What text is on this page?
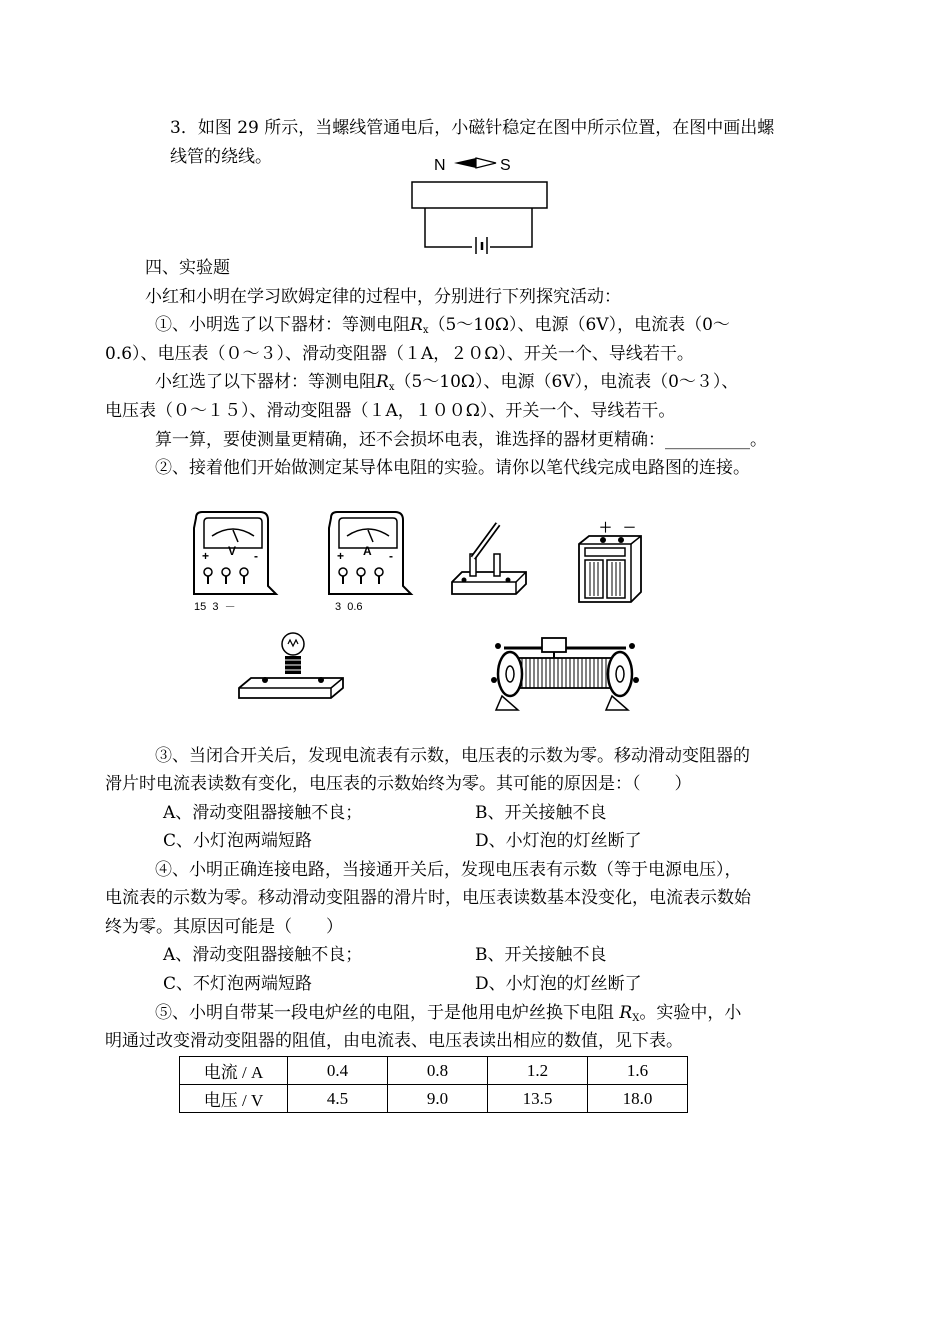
3．如图 29 所示，当螺线管通电后，小磁针稳定在图中所示位置，在图中画出螺
线管的绕线。	N	S
四、实验题
小红和小明在学习欧姆定律的过程中，分别进行下列探究活动：
①、小明选了以下器材：等测电阻$R_x(5\sim 10\Omega)$、电源（6V），电流表（0～
0.6）、电压表（０～３）、滑动变阻器（１A，２０Ω）、开关一个、导线若干。
小红选了以下器材：等测电阻$R_x(5\sim 10\Omega)$、电源（6V），电流表（0～３）、
电压表（０～１５）、滑动变阻器（１A，１００Ω）、开关一个、导线若干。
算一算，要使测量更精确，还不会损坏电表，谁选择的器材更精确：__________。
②、接着他们开始做测定某导体电阻的实验。请你以笔代线完成电路图的连接。
V
+	-
15  3  －
A
+	-
3  0.6
＋ －
③、当闭合开关后，发现电流表有示数，电压表的示数为零。移动滑动变阻器的
滑片时电流表读数有变化，电压表的示数始终为零。其可能的原因是：（　　）
A、滑动变阻器接触不良；	B、开关接触不良
C、小灯泡两端短路	D、小灯泡的灯丝断了
④、小明正确连接电路，当接通开关后，发现电压表有示数（等于电源电压），
电流表的示数为零。移动滑动变阻器的滑片时，电压表读数基本没变化，电流表示数始
终为零。其原因可能是（　　）
A、滑动变阻器接触不良；	B、开关接触不良
C、不灯泡两端短路	D、小灯泡的灯丝断了
⑤、小明自带某一段电炉丝的电阻，于是他用电炉丝换下电阻 $R_X$。实验中，小
明通过改变滑动变阻器的阻值，由电流表、电压表读出相应的数值，见下表。
电流 / A	0.4	0.8	1.2	1.6
电压 / V	4.5	9.0	13.5	18.0
